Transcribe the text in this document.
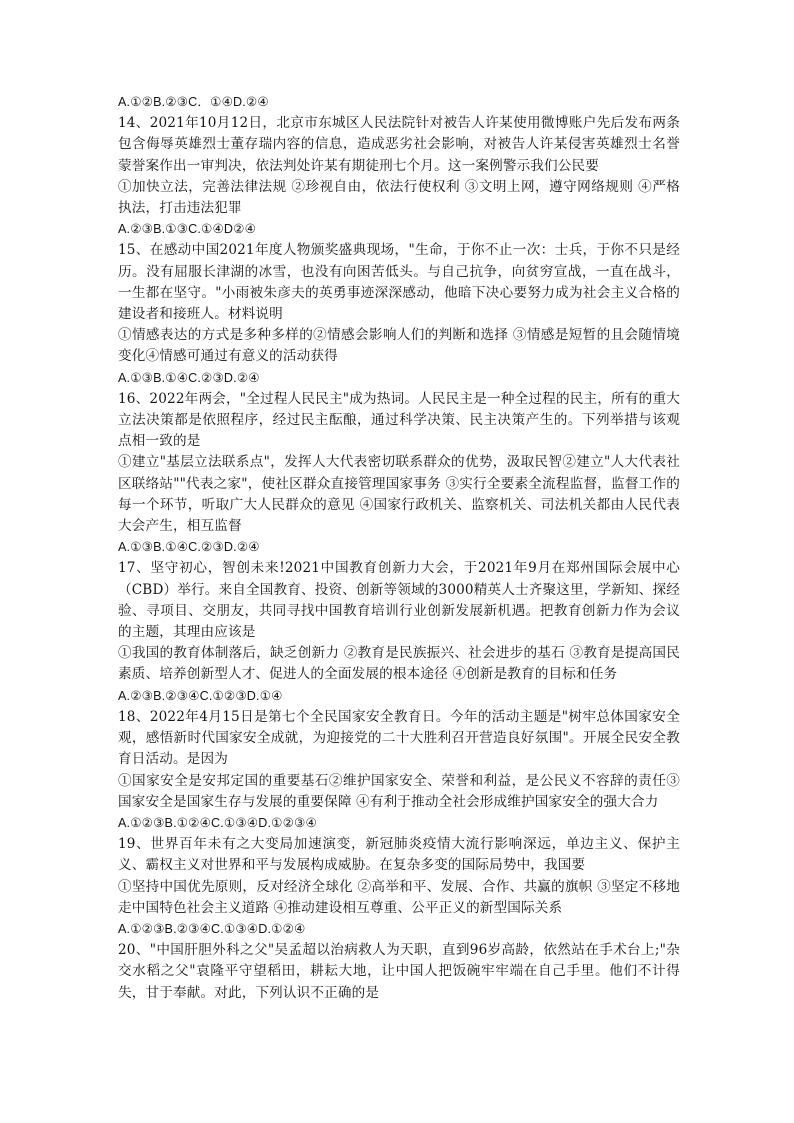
A.①②B.②③C．①④D.②④

14、2021年10月12日，北京市东城区人民法院针对被告人许某使用微博账户先后发布两条包含侮辱英雄烈士董存瑞内容的信息，造成恶劣社会影响，对被告人许某侵害英雄烈士名誉 蒙誉案作出一审判决，依法判处许某有期徒刑七个月。这一案例警示我们公民要

①加快立法，完善法律法规 ②珍视自由，依法行使权利 ③文明上网，遵守网络规则 ④严格执法，打击违法犯罪

A.②③B.①③C.①④D②④

15、在感动中国2021年度人物颁奖盛典现场，"生命，于你不止一次：士兵，于你不只是经历。没有屈服长津湖的冰雪，也没有向困苦低头。与自己抗争，向贫穷宣战，一直在战斗，一生都在坚守。"小雨被朱彦夫的英勇事迹深深感动，他暗下决心要努力成为社会主义合格的建设者和接班人。材料说明

①情感表达的方式是多种多样的②情感会影响人们的判断和选择 ③情感是短暂的且会随情境变化④情感可通过有意义的活动获得

A.①③B.①④C.②③D.②④

16、2022年两会，"全过程人民民主"成为热词。人民民主是一种全过程的民主，所有的重大立法决策都是依照程序，经过民主酝酿，通过科学决策、民主决策产生的。下列举措与该观点相一致的是

①建立"基层立法联系点"，发挥人大代表密切联系群众的优势，汲取民智②建立"人大代表社区联络站""代表之家"，使社区群众直接管理国家事务 ③实行全要素全流程监督，监督工作的每一个环节，听取广大人民群众的意见 ④国家行政机关、监察机关、司法机关都由人民代表大会产生，相互监督

A.①③B.①④C.②③D.②④

17、坚守初心，智创未来!2021中国教育创新力大会，于2021年9月在郑州国际会展中心（CBD）举行。来自全国教育、投资、创新等领域的3000精英人士齐聚这里，学新知、探经验、寻项目、交朋友，共同寻找中国教育培训行业创新发展新机遇。把教育创新力作为会议的主题，其理由应该是

①我国的教育体制落后，缺乏创新力 ②教育是民族振兴、社会进步的基石 ③教育是提高国民素质、培养创新型人才、促进人的全面发展的根本途径 ④创新是教育的目标和任务

A.②③B.②③④C.①②③D.①④

18、2022年4月15日是第七个全民国家安全教育日。今年的活动主题是"树牢总体国家安全观，感悟新时代国家安全成就，为迎接党的二十大胜利召开营造良好氛围"。开展全民安全教育日活动。是因为

①国家安全是安邦定国的重要基石②维护国家安全、荣誉和利益，是公民义不容辞的责任③国家安全是国家生存与发展的重要保障 ④有利于推动全社会形成维护国家安全的强大合力

A.①②③B.①②④C.①③④D.①②③④

19、世界百年未有之大变局加速演变，新冠肺炎疫情大流行影响深远，单边主义、保护主义、霸权主义对世界和平与发展构成威胁。在复杂多变的国际局势中，我国要

①坚持中国优先原则，反对经济全球化 ②高举和平、发展、合作、共赢的旗帜 ③坚定不移地走中国特色社会主义道路 ④推动建设相互尊重、公平正义的新型国际关系

A.①②③B.②③④C.①③④D.①②④

20、"中国肝胆外科之父"吴孟超以治病救人为天职，直到96岁高龄，依然站在手术台上;"杂交水稻之父"袁隆平守望稻田，耕耘大地，让中国人把饭碗牢牢端在自己手里。他们不计得失，甘于奉献。对此，下列认识不正确的是
